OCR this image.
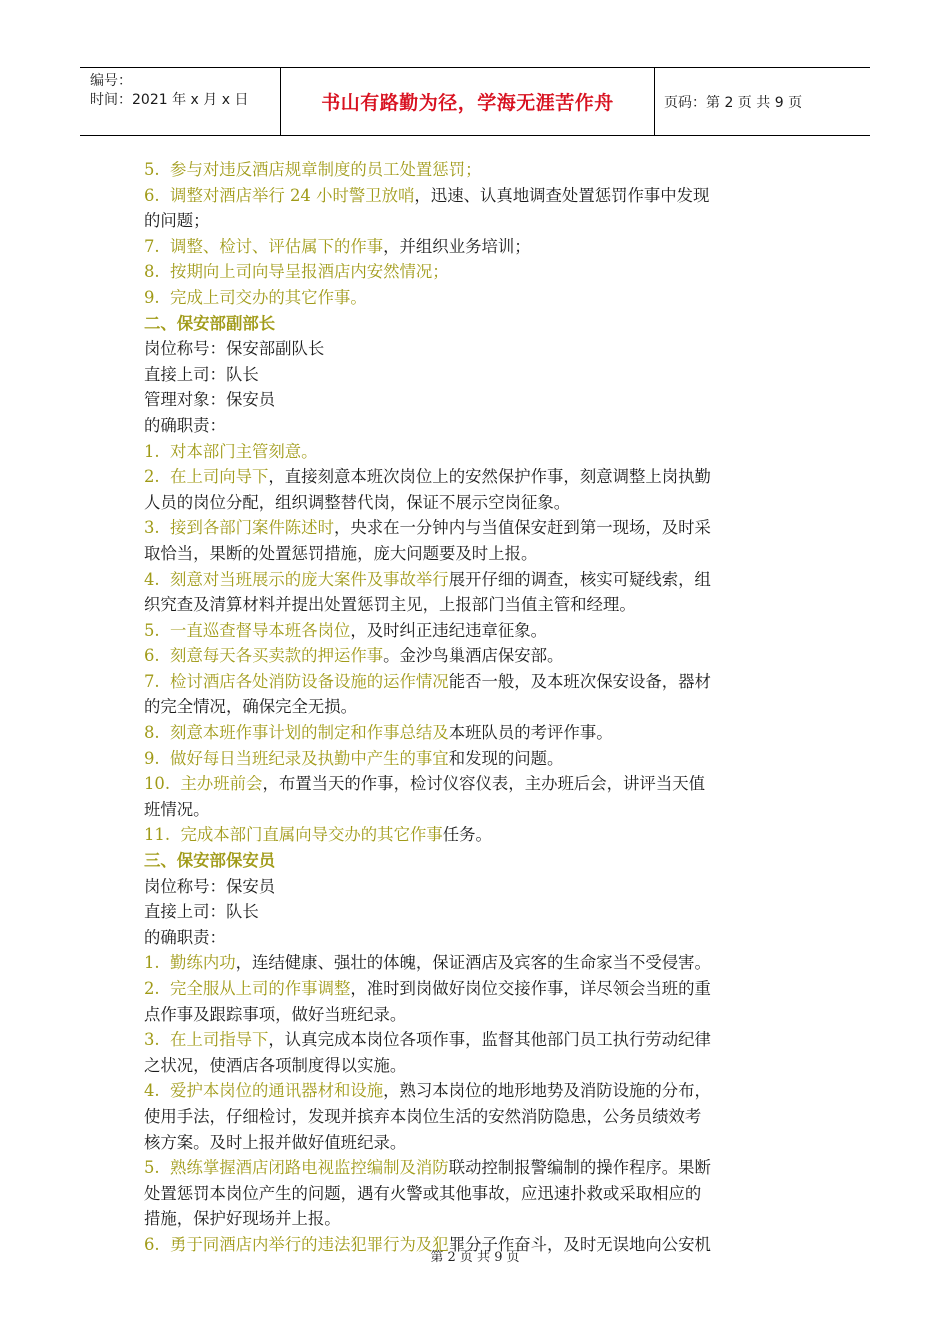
编号：
时间：2021 年 x 月 x 日	书山有路勤为径，学海无涯苦作舟	页码：第 2 页 共 9 页
5.  参与对违反酒店规章制度的员工处置惩罚；
6.  调整对酒店举行 24 小时警卫放哨，迅速、认真地调查处置惩罚作事中发现
的问题；
7.  调整、检讨、评估属下的作事，并组织业务培训；
8.  按期向上司向导呈报酒店内安然情况；
9.  完成上司交办的其它作事。
二、保安部副部长
岗位称号：保安部副队长
直接上司：队长
管理对象：保安员
的确职责：
1.  对本部门主管刻意。
2.  在上司向导下，直接刻意本班次岗位上的安然保护作事，刻意调整上岗执勤
人员的岗位分配，组织调整替代岗，保证不展示空岗征象。
3.  接到各部门案件陈述时，央求在一分钟内与当值保安赶到第一现场，及时采
取恰当，果断的处置惩罚措施，庞大问题要及时上报。
4.  刻意对当班展示的庞大案件及事故举行展开仔细的调查，核实可疑线索，组
织究查及清算材料并提出处置惩罚主见，上报部门当值主管和经理。
5.  一直巡查督导本班各岗位，及时纠正违纪违章征象。
6.  刻意每天各买卖款的押运作事。金沙鸟巢酒店保安部。
7.  检讨酒店各处消防设备设施的运作情况能否一般，及本班次保安设备，器材
的完全情况，确保完全无损。
8.  刻意本班作事计划的制定和作事总结及本班队员的考评作事。
9.  做好每日当班纪录及执勤中产生的事宜和发现的问题。
10.  主办班前会，布置当天的作事，检讨仪容仪表，主办班后会，讲评当天值
班情况。
11.  完成本部门直属向导交办的其它作事任务。
三、保安部保安员
岗位称号：保安员
直接上司：队长
的确职责：
1.  勤练内功，连结健康、强壮的体魄，保证酒店及宾客的生命家当不受侵害。
2.  完全服从上司的作事调整，准时到岗做好岗位交接作事，详尽领会当班的重
点作事及跟踪事项，做好当班纪录。
3.  在上司指导下，认真完成本岗位各项作事，监督其他部门员工执行劳动纪律
之状况，使酒店各项制度得以实施。
4.  爱护本岗位的通讯器材和设施，熟习本岗位的地形地势及消防设施的分布，
使用手法，仔细检讨，发现并摈弃本岗位生活的安然消防隐患，公务员绩效考
核方案。及时上报并做好值班纪录。
5.  熟练掌握酒店闭路电视监控编制及消防联动控制报警编制的操作程序。果断
处置惩罚本岗位产生的问题，遇有火警或其他事故，应迅速扑救或采取相应的
措施，保护好现场并上报。
6.  勇于同酒店内举行的违法犯罪行为及犯罪分子作奋斗，及时无误地向公安机
第 2 页 共 9 页
